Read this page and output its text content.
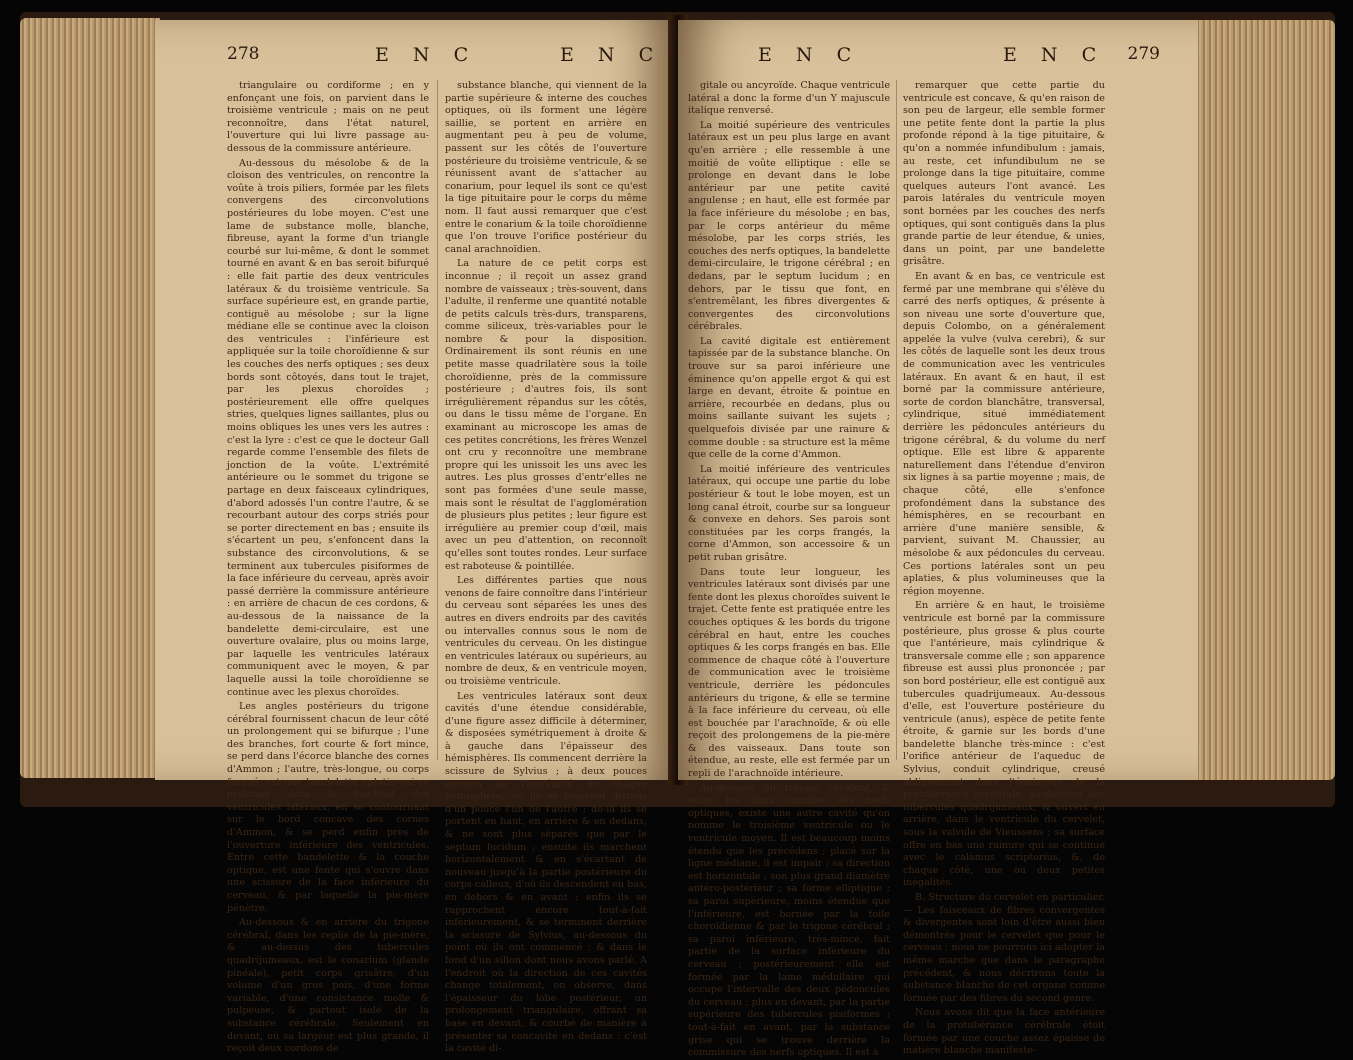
278	E N C	E N C

triangulaire ou cordiforme ; en y enfonçant une fois, on parvient dans le troisième ventricule ; mais on ne peut reconnoître, dans l'état naturel, l'ouverture qui lui livre passage au-dessous de la commissure antérieure.

Au-dessous du mésolobe & de la cloison des ventricules, on rencontre la voûte à trois piliers, formée par les filets convergens des circonvolutions postérieures du lobe moyen. C'est une lame de substance molle, blanche, fibreuse, ayant la forme d'un triangle courbé sur lui-même, & dont le sommet tourné en avant & en bas seroit bifurqué : elle fait partie des deux ventricules latéraux & du troisième ventricule. Sa surface supérieure est, en grande partie, contiguë au mésolobe ; sur la ligne médiane elle se continue avec la cloison des ventricules : l'inférieure est appliquée sur la toile choroïdienne & sur les couches des nerfs optiques ; ses deux bords sont côtoyés, dans tout le trajet, par les plexus choroïdes ; postérieurement elle offre quelques stries, quelques lignes saillantes, plus ou moins obliques les unes vers les autres : c'est la lyre : c'est ce que le docteur Gall regarde comme l'ensemble des filets de jonction de la voûte. L'extrémité antérieure ou le sommet du trigone se partage en deux faisceaux cylindriques, d'abord adossés l'un contre l'autre, & se recourbant autour des corps striés pour se porter directement en bas ; ensuite ils s'écartent un peu, s'enfoncent dans la substance des circonvolutions, & se terminent aux tubercules pisiformes de la face inférieure du cerveau, après avoir passé derrière la commissure antérieure : en arrière de chacun de ces cordons, & au-dessous de la naissance de la bandelette demi-circulaire, est une ouverture ovalaire, plus ou moins large, par laquelle les ventricules latéraux communiquent avec le moyen, & par laquelle aussi la toile choroïdienne se continue avec les plexus choroïdes.

Les angles postérieurs du trigone cérébral fournissent chacun de leur côté un prolongement qui se bifurque ; l'une des branches, fort courte & fort mince, se perd dans l'écorce blanche des cornes d'Ammon ; l'autre, très-longue, ou corps frangé, est une bandelette aplatie qui se prolonge dans le bas-fond des ventricules latéraux, en se contournant sur le bord concave des cornes d'Ammon, & se perd enfin près de l'ouverture inférieure des ventricules. Entre cette bandelette & la couche optique, est une fente qui s'ouvre dans une scissure de la face inférieure du cerveau, & par laquelle la pie-mère pénètre.

Au-dessous & en arrière du trigone cérébral, dans les replis de la pie-mère, & au-dessus des tubercules quadrijumeaux, est le conarium (glande pinéale), petit corps grisâtre, d'un volume d'un gros pois, d'une forme variable, d'une consistance molle & pulpeuse, & partout isolé de la substance cérébrale. Seulement en devant, où sa largeur est plus grande, il reçoit deux cordons de

substance blanche, qui viennent de la partie supérieure & interne des couches optiques, où ils forment une légère saillie, se portent en arrière en augmentant peu à peu de volume, passent sur les côtés de l'ouverture postérieure du troisième ventricule, & se réunissent avant de s'attacher au conarium, pour lequel ils sont ce qu'est la tige pituitaire pour le corps du même nom. Il faut aussi remarquer que c'est entre le conarium & la toile choroïdienne que l'on trouve l'orifice postérieur du canal arachnoïdien.

La nature de ce petit corps est inconnue ; il reçoit un assez grand nombre de vaisseaux ; très-souvent, dans l'adulte, il renferme une quantité notable de petits calculs très-durs, transparens, comme siliceux, très-variables pour le nombre & pour la disposition. Ordinairement ils sont réunis en une petite masse quadrilatère sous la toile choroïdienne, près de la commissure postérieure ; d'autres fois, ils sont irrégulièrement répandus sur les côtés, ou dans le tissu même de l'organe. En examinant au microscope les amas de ces petites concrétions, les frères Wenzel ont cru y reconnoître une membrane propre qui les unissoit les uns avec les autres. Les plus grosses d'entr'elles ne sont pas formées d'une seule masse, mais sont le résultat de l'agglomération de plusieurs plus petites ; leur figure est irrégulière au premier coup d'œil, mais avec un peu d'attention, on reconnoît qu'elles sont toutes rondes. Leur surface est raboteuse & pointillée.

Les différentes parties que nous venons de faire connoître dans l'intérieur du cerveau sont séparées les unes des autres en divers endroits par des cavités ou intervalles connus sous le nom de ventricules du cerveau. On les distingue en ventricules latéraux ou supérieurs, au nombre de deux, & en ventricule moyen, ou troisième ventricule.

Les ventricules latéraux sont deux cavités d'une étendue considérable, d'une figure assez difficile à déterminer, & disposées symétriquement à droite & à gauche dans l'épaisseur des hémisphères. Ils commencent derrière la scissure de Sylvius ; à deux pouces environ de l'extrémité de chaque hémisphère, où ils se trouvent distans d'un pouce l'un de l'autre ; de-là ils se portent en haut, en arrière & en dedans, & ne sont plus séparés que par le septum lucidum ; ensuite ils marchent horizontalement & en s'écartant de nouveau jusqu'à la partie postérieure du corps calleux, d'où ils descendent en bas, en dehors & en avant ; enfin ils se rapprochent encore tout-à-fait inférieurement, & se terminent derrière la scissure de Sylvius, au-dessous du point où ils ont commencé ; & dans le fond d'un sillon dont nous avons parlé. A l'endroit où la direction de ces cavités change totalement, on observe, dans l'épaisseur du lobe postérieur, un prolongement triangulaire, offrant sa base en devant, & courbé de manière à présenter sa concavité en dedans : c'est la cavité di-

E N C	E N C 279

gitale ou ancyroïde. Chaque ventricule latéral a donc la forme d'un Y majuscule italique renversé.

La moitié supérieure des ventricules latéraux est un peu plus large en avant qu'en arrière ; elle ressemble à une moitié de voûte elliptique : elle se prolonge en devant dans le lobe antérieur par une petite cavité angulense ; en haut, elle est formée par la face inférieure du mésolobe ; en bas, par le corps antérieur du même mésolobe, par les corps striés, les couches des nerfs optiques, la bandelette demi-circulaire, le trigone cérébral ; en dedans, par le septum lucidum ; en dehors, par le tissu que font, en s'entremêlant, les fibres divergentes & convergentes des circonvolutions cérébrales.

La cavité digitale est entièrement tapissée par de la substance blanche. On trouve sur sa paroi inférieure une éminence qu'on appelle ergot & qui est large en devant, étroite & pointue en arrière, recourbée en dedans, plus ou moins saillante suivant les sujets ; quelquefois divisée par une rainure & comme double : sa structure est la même que celle de la corne d'Ammon.

La moitié inférieure des ventricules latéraux, qui occupe une partie du lobe postérieur & tout le lobe moyen, est un long canal étroit, courbe sur sa longueur & convexe en dehors. Ses parois sont constituées par les corps frangés, la corne d'Ammon, son accessoire & un petit ruban grisâtre.

Dans toute leur longueur, les ventricules latéraux sont divisés par une fente dont les plexus choroïdes suivent le trajet. Cette fente est pratiquée entre les couches optiques & les bords du trigone cérébral en haut, entre les couches optiques & les corps frangés en bas. Elle commence de chaque côté à l'ouverture de communication avec le troisième ventricule, derrière les pédoncules antérieurs du trigone, & elle se termine à la face inférieure du cerveau, où elle est bouchée par l'arachnoïde, & où elle reçoit des prolongemens de la pie-mère & des vaisseaux. Dans toute son étendue, au reste, elle est fermée par un repli de l'arachnoïde intérieure.

Au-dessous du trigone cérébral, & entre les deux couches des nerfs optiques, existe une autre cavité qu'on nomme le troisième ventricule ou le ventricule moyen. Il est beaucoup moins étendu que les précédens ; placé sur la ligne médiane, il est impair ; sa direction est horizontale ; son plus grand diamètre antéro-postérieur ; sa forme elliptique ; sa paroi supérieure, moins étendue que l'inférieure, est bornée par la toile choroïdienne & par le trigone cérébral ; sa paroi inférieure, très-mince, fait partie de la surface inférieure du cerveau ; postérieurement elle est formée par la lame médullaire qui occupe l'intervalle des deux pédoncules du cerveau ; plus en devant, par la partie supérieure des tubercules pisiformes ; tout-à-fait en avant, par la substance grise qui se trouve derrière la commissure des nerfs optiques. Il est à

remarquer que cette partie du ventricule est concave, & qu'en raison de son peu de largeur, elle semble former une petite fente dont la partie la plus profonde répond à la tige pituitaire, & qu'on a nommée infundibulum : jamais, au reste, cet infundibulum ne se prolonge dans la tige pituitaire, comme quelques auteurs l'ont avancé. Les parois latérales du ventricule moyen sont bornées par les couches des nerfs optiques, qui sont contiguës dans la plus grande partie de leur étendue, & unies, dans un point, par une bandelette grisâtre.

En avant & en bas, ce ventricule est fermé par une membrane qui s'élève du carré des nerfs optiques, & présente à son niveau une sorte d'ouverture que, depuis Colombo, on a généralement appelée la vulve (vulva cerebri), & sur les côtés de laquelle sont les deux trous de communication avec les ventricules latéraux. En avant & en haut, il est borné par la commissure antérieure, sorte de cordon blanchâtre, transversal, cylindrique, situé immédiatement derrière les pédoncules antérieurs du trigone cérébral, & du volume du nerf optique. Elle est libre & apparente naturellement dans l'étendue d'environ six lignes à sa partie moyenne ; mais, de chaque côté, elle s'enfonce profondément dans la substance des hémisphères, en se recourbant en arrière d'une manière sensible, & parvient, suivant M. Chaussier, au mésolobe & aux pédoncules du cerveau. Ces portions latérales sont un peu aplaties, & plus volumineuses que la région moyenne.

En arrière & en haut, le troisième ventricule est borné par la commissure postérieure, plus grosse & plus courte que l'antérieure, mais cylindrique & transversale comme elle ; son apparence fibreuse est aussi plus prononcée ; par son bord postérieur, elle est contiguë aux tubercules quadrijumeaux. Au-dessous d'elle, est l'ouverture postérieure du ventricule (anus), espèce de petite fente étroite, & garnie sur les bords d'une bandelette blanche très-mince : c'est l'orifice antérieur de l'aqueduc de Sylvius, conduit cylindrique, creusé obliquement dans l'épaisseur de la protubérance cérébrale, au-dessous des tubercules quadrijumeaux, & ouvert en arrière, dans le ventricule du cervelet, sous la valvule de Vieussens ; sa surface offre en bas une rainure qui se continue avec le calamus scriptorius, &, de chaque côté, une ou deux petites inégalités.

B. Structure du cervelet en particulier. — Les faisceaux de fibres convergentes & divergentes sont loin d'être aussi bien démontrés pour le cervelet que pour le cerveau ; nous ne pourrons ici adopter la même marche que dans le paragraphe précédent, & nous décrirons toute la substance blanche de cet organe comme formée par des fibres du second genre.

Nous avons dit que la face antérieure de la protubérance cérébrale étoit formée par une couche assez épaisse de matière blanche manifeste-
